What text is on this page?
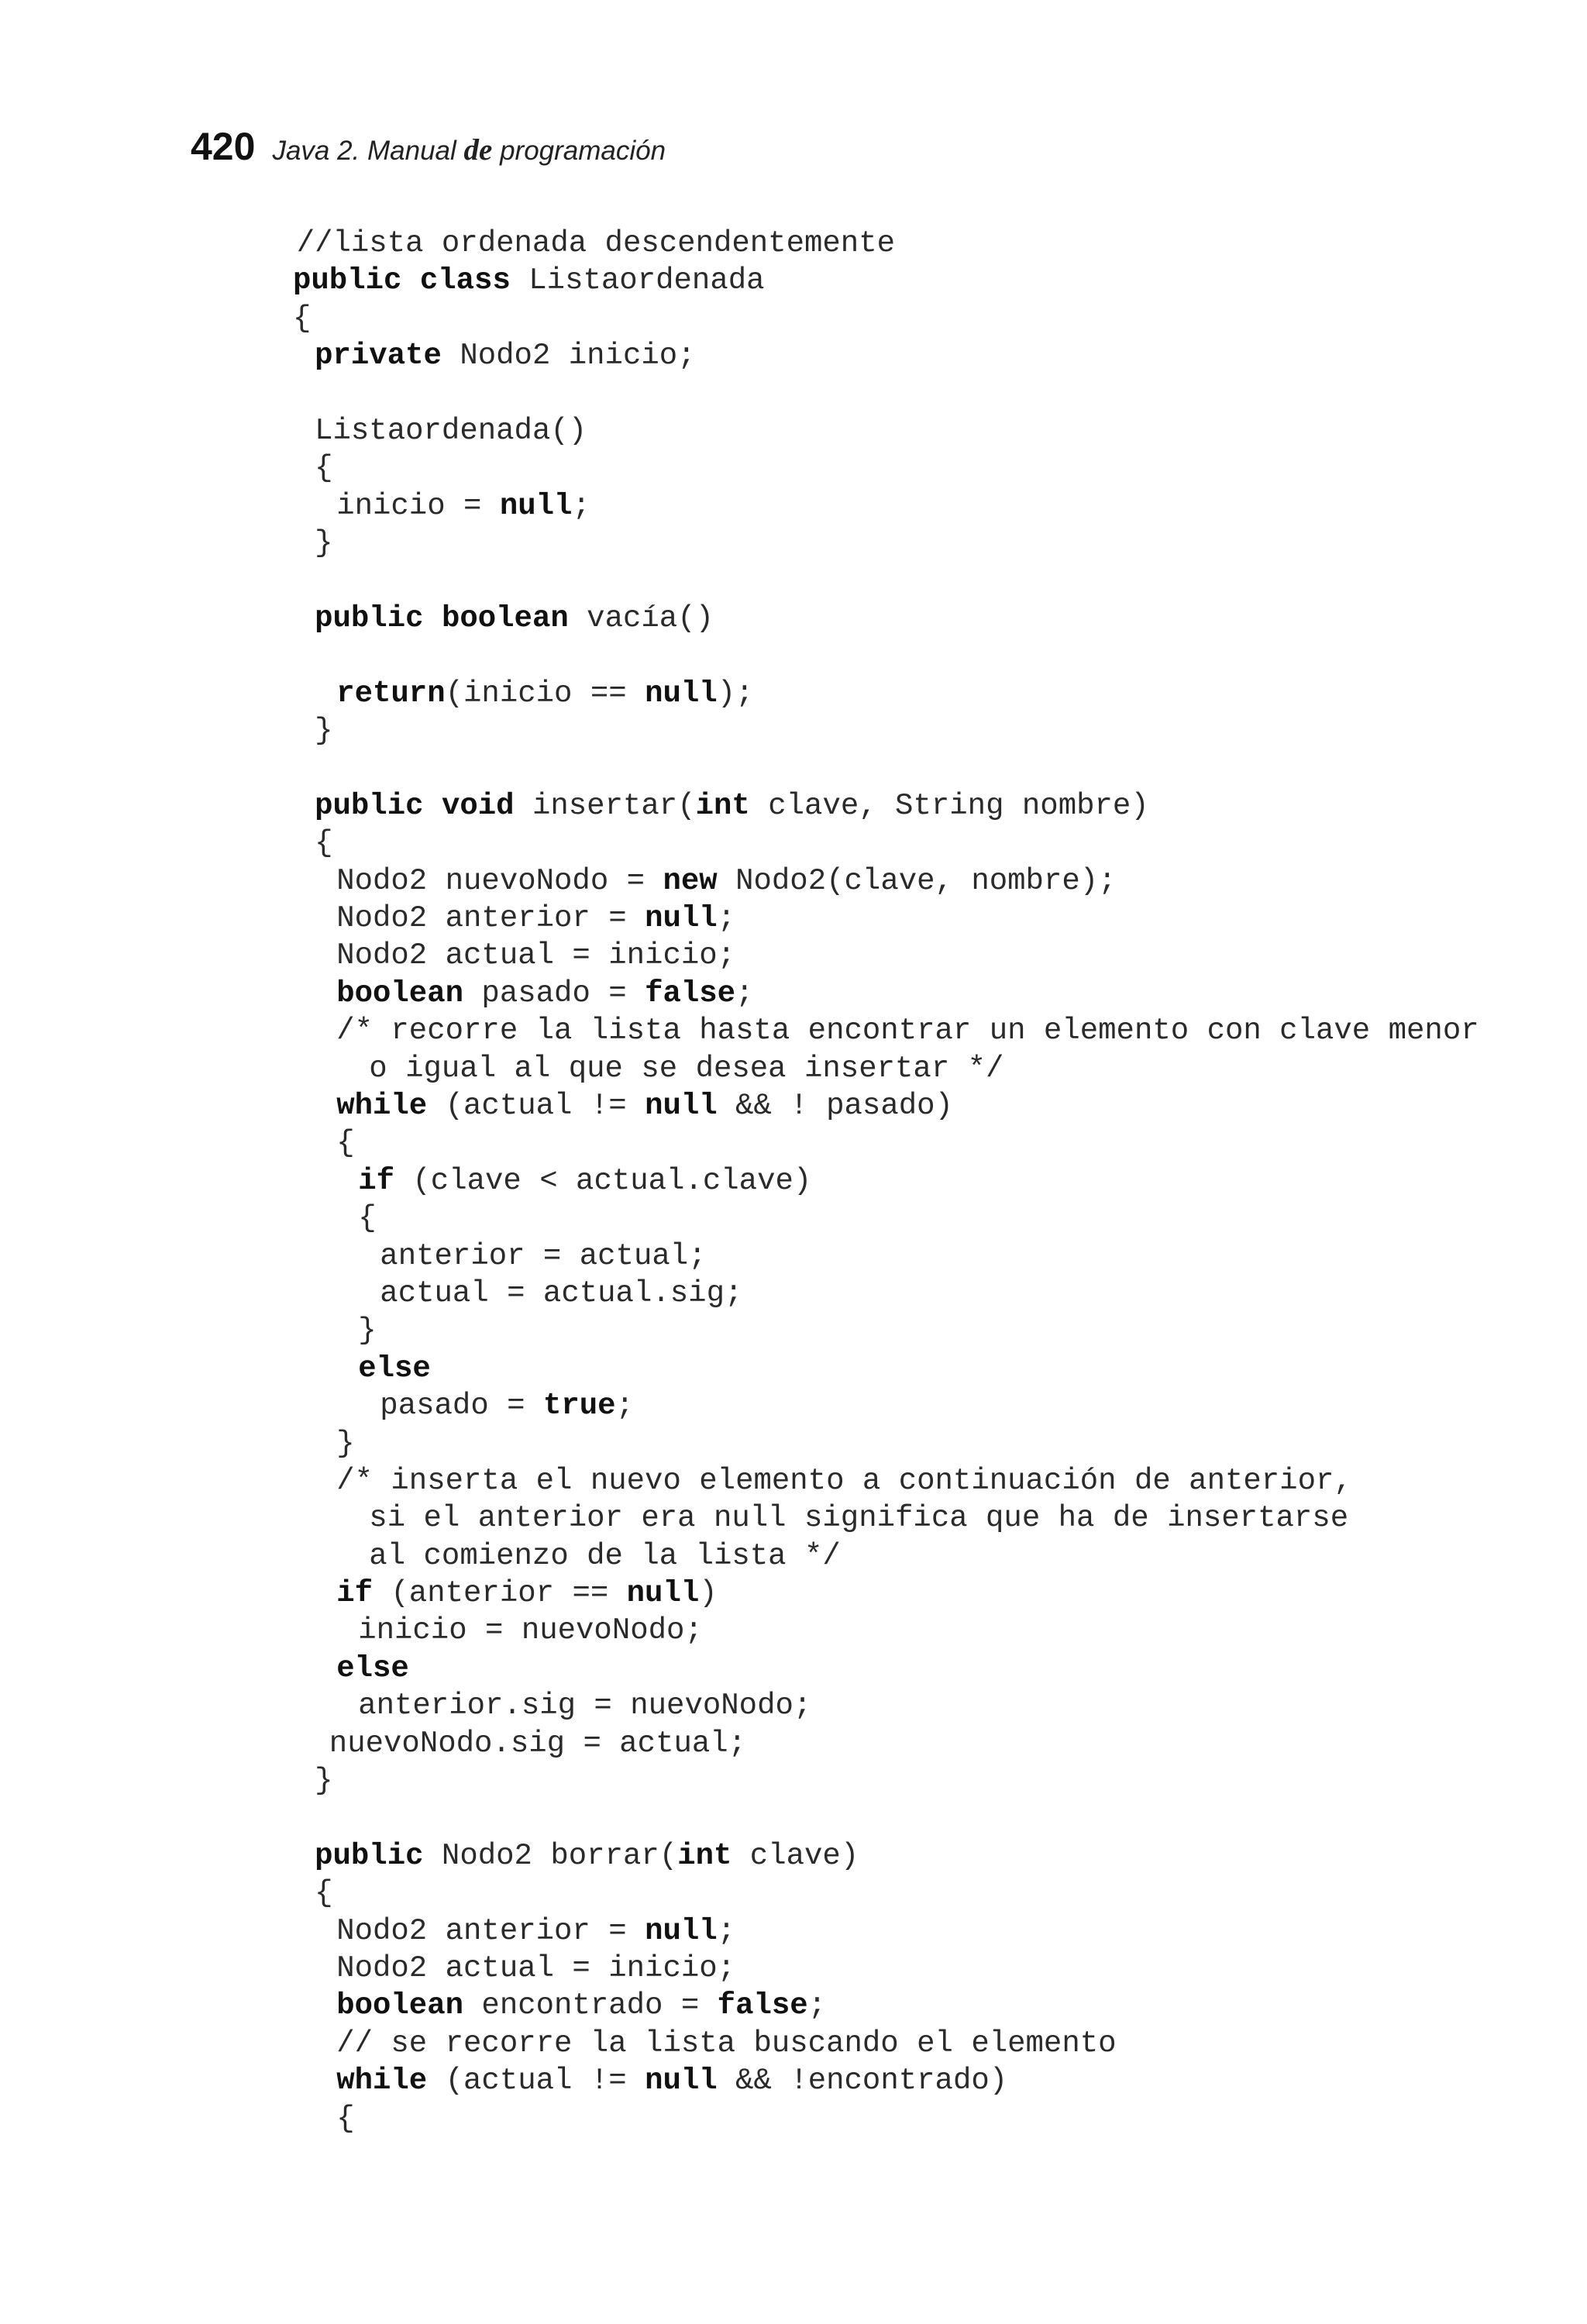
420 Java 2. Manual de programación
//lista ordenada descendentemente
public class Listaordenada
{
private Nodo2 inicio;
Listaordenada()
{
inicio = null;
}
public boolean vacía()
return(inicio == null);
}
public void insertar(int clave, String nombre)
{
Nodo2 nuevoNodo = new Nodo2(clave, nombre);
Nodo2 anterior = null;
Nodo2 actual = inicio;
boolean pasado = false;
/* recorre la lista hasta encontrar un elemento con clave menor
o igual al que se desea insertar */
while (actual != null && ! pasado)
{
if (clave < actual.clave)
{
anterior = actual;
actual = actual.sig;
}
else
pasado = true;
}
/* inserta el nuevo elemento a continuación de anterior,
si el anterior era null significa que ha de insertarse
al comienzo de la lista */
if (anterior == null)
inicio = nuevoNodo;
else
anterior.sig = nuevoNodo;
nuevoNodo.sig = actual;
}
public Nodo2 borrar(int clave)
{
Nodo2 anterior = null;
Nodo2 actual = inicio;
boolean encontrado = false;
// se recorre la lista buscando el elemento
while (actual != null && !encontrado)
{
